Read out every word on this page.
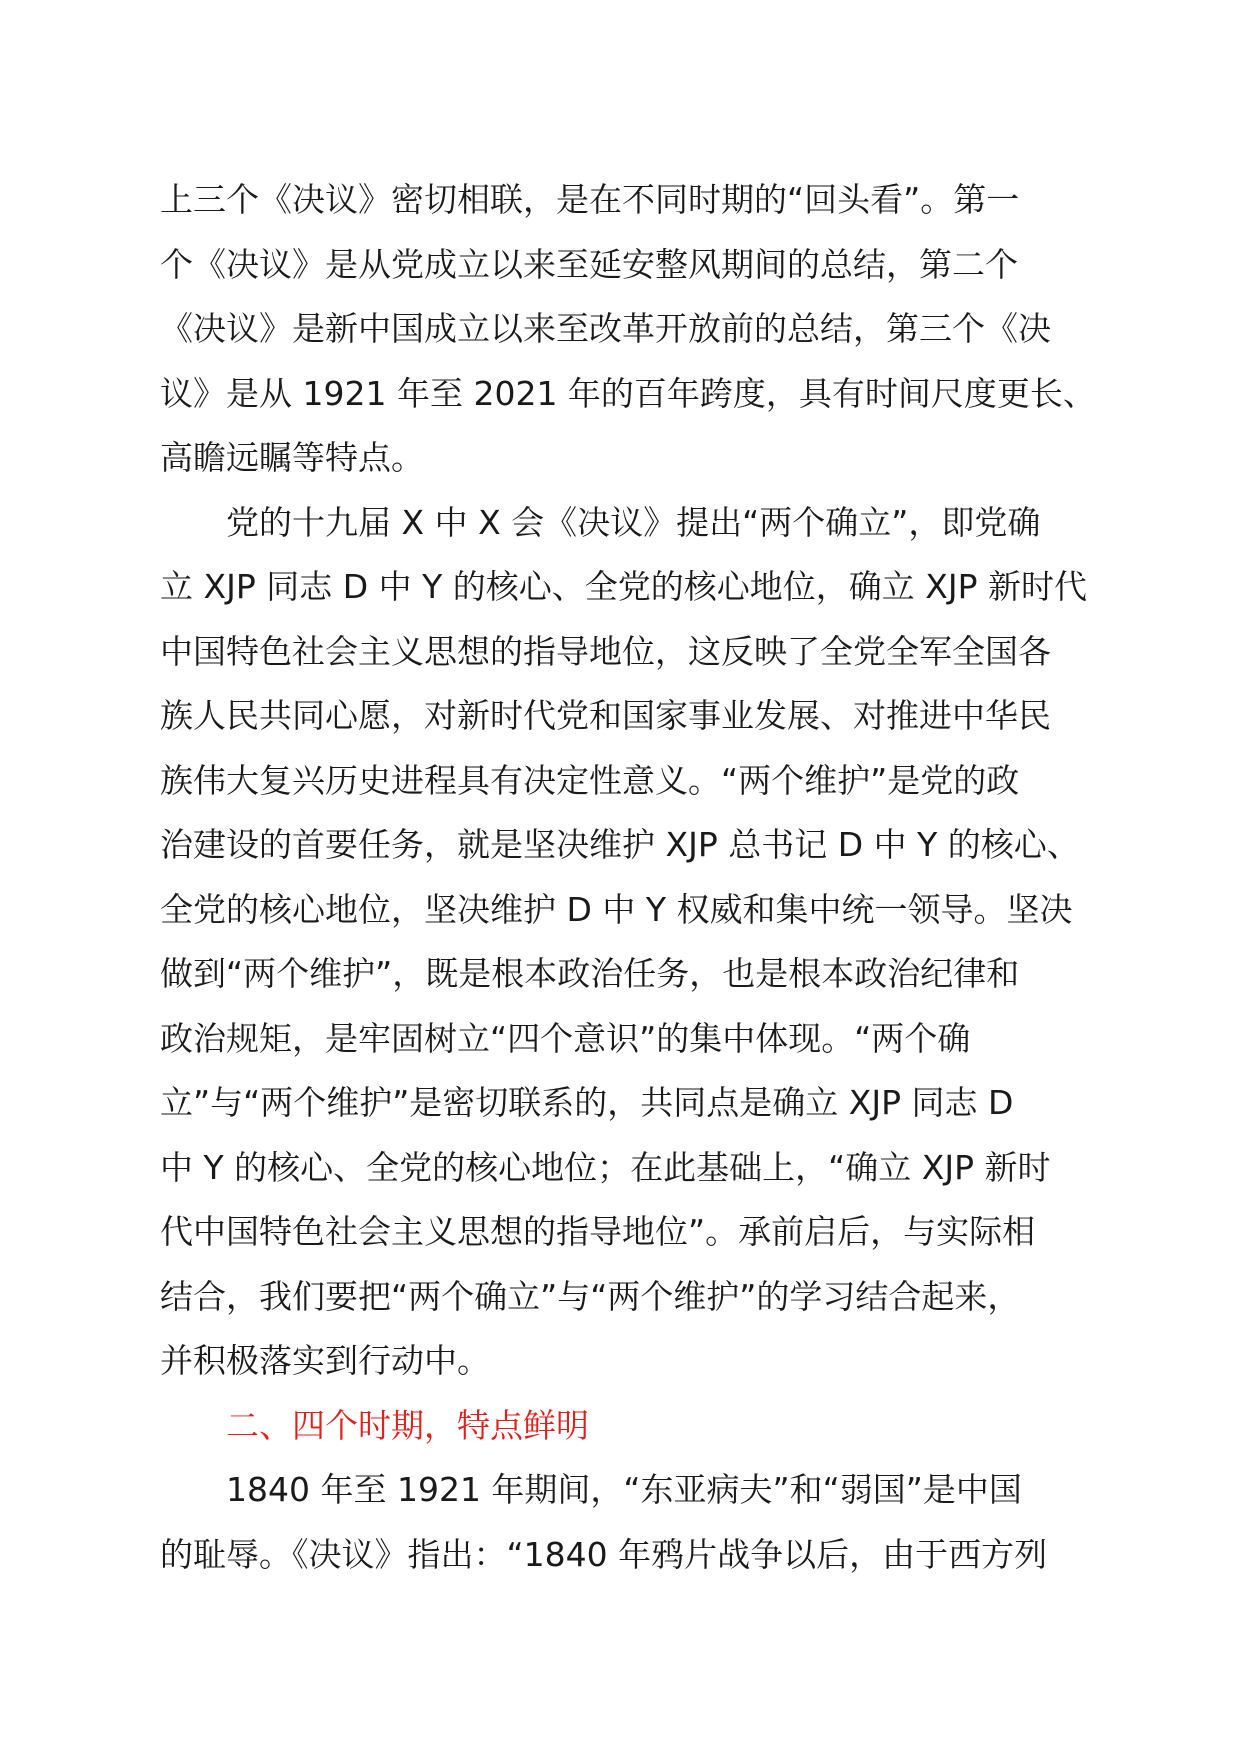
上三个《决议》密切相联，是在不同时期的“回头看”。第一
个《决议》是从党成立以来至延安整风期间的总结，第二个
《决议》是新中国成立以来至改革开放前的总结，第三个《决
议》是从 1921 年至 2021 年的百年跨度，具有时间尺度更长、
高瞻远瞩等特点。
党的十九届 X 中 X 会《决议》提出“两个确立”，即党确
立 XJP 同志 D 中 Y 的核心、全党的核心地位，确立 XJP 新时代
中国特色社会主义思想的指导地位，这反映了全党全军全国各
族人民共同心愿，对新时代党和国家事业发展、对推进中华民
族伟大复兴历史进程具有决定性意义。“两个维护”是党的政
治建设的首要任务，就是坚决维护 XJP 总书记 D 中 Y 的核心、
全党的核心地位，坚决维护 D 中 Y 权威和集中统一领导。坚决
做到“两个维护”，既是根本政治任务，也是根本政治纪律和
政治规矩，是牢固树立“四个意识”的集中体现。“两个确
立”与“两个维护”是密切联系的，共同点是确立 XJP 同志 D
中 Y 的核心、全党的核心地位；在此基础上，“确立 XJP 新时
代中国特色社会主义思想的指导地位”。承前启后，与实际相
结合，我们要把“两个确立”与“两个维护”的学习结合起来，
并积极落实到行动中。
二、四个时期，特点鲜明
1840 年至 1921 年期间，“东亚病夫”和“弱国”是中国
的耻辱。《决议》指出：“1840 年鸦片战争以后，由于西方列
